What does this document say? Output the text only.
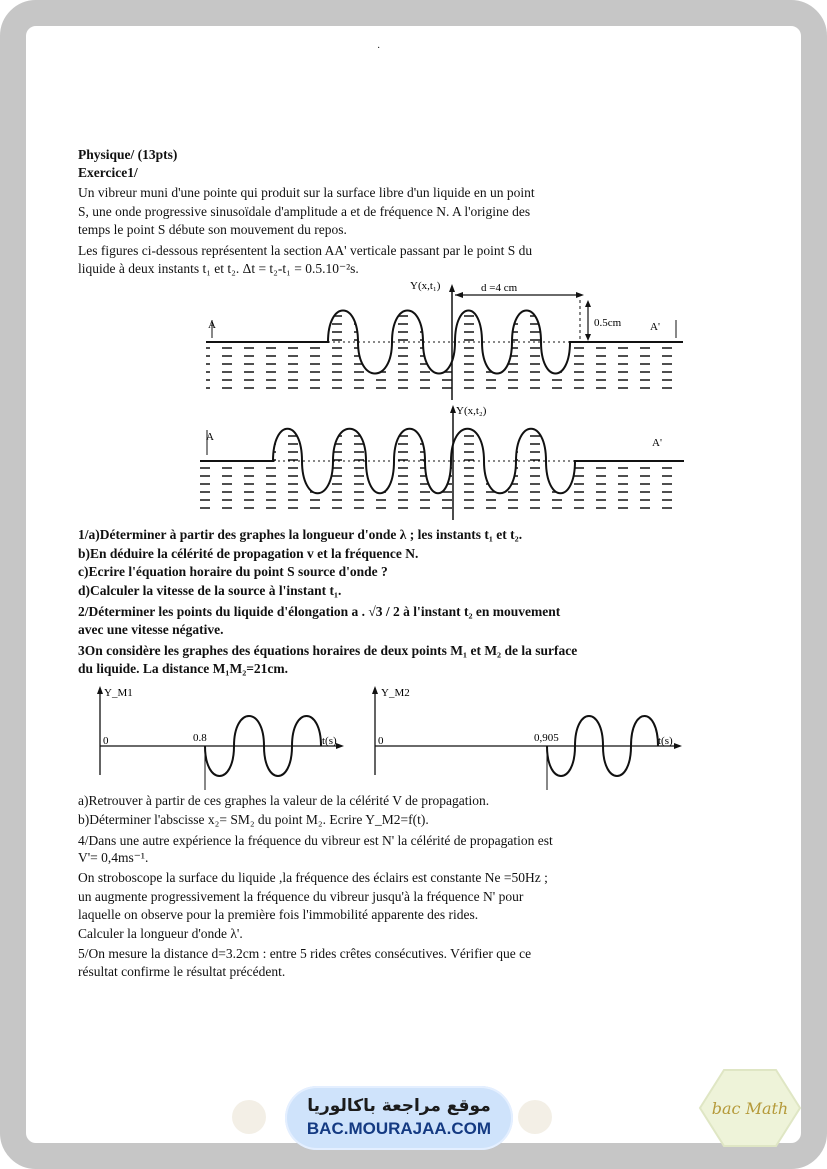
·
Physique/ (13pts)
Exercice1/
Un vibreur muni d'une pointe qui produit sur la surface libre d'un liquide en un point
S, une onde progressive sinusoïdale d'amplitude a et de fréquence N. A l'origine des
temps le point S débute son mouvement du repos.
Les figures ci-dessous représentent la section AA' verticale passant par le point S du
liquide à deux instants t₁ et t₂. Δt = t₂-t₁ = 0.5.10⁻²s.
Y(x,t₁)	d =4 cm
0.5cm
A	A'
Y(x,t₂)
A	A'
1/a)Déterminer à partir des graphes la longueur d'onde λ ; les instants t₁ et t₂.
b)En déduire la célérité de propagation v et la fréquence N.
c)Ecrire l'équation horaire du point S source d'onde ?
d)Calculer la vitesse de la source à l'instant t₁.
2/Déterminer les points du liquide d'élongation a . √3 / 2 à l'instant t₂ en mouvement
avec une vitesse négative.
3On considère les graphes des équations horaires de deux points M₁ et M₂ de la surface
du liquide. La distance M₁M₂=21cm.
Y_M1
0	0.8	t(s)
Y_M2
0	0,905	t(s)
a)Retrouver à partir de ces graphes la valeur de la célérité V de propagation.
b)Déterminer l'abscisse x₂= SM₂ du point M₂. Ecrire Y_M2=f(t).
4/Dans une autre expérience la fréquence du vibreur est N' la célérité de propagation est
V'= 0,4ms⁻¹.
On stroboscope la surface du liquide ,la fréquence des éclairs est constante Ne =50Hz ;
un augmente progressivement la fréquence du vibreur jusqu'à la fréquence N' pour
laquelle on observe pour la première fois l'immobilité apparente des rides.
Calculer la longueur d'onde λ'.
5/On mesure la distance d=3.2cm : entre 5 rides crêtes consécutives. Vérifier que ce
résultat confirme le résultat précédent.
موقع مراجعة باكالوريا
BAC.MOURAJAA.COM
bac Math
